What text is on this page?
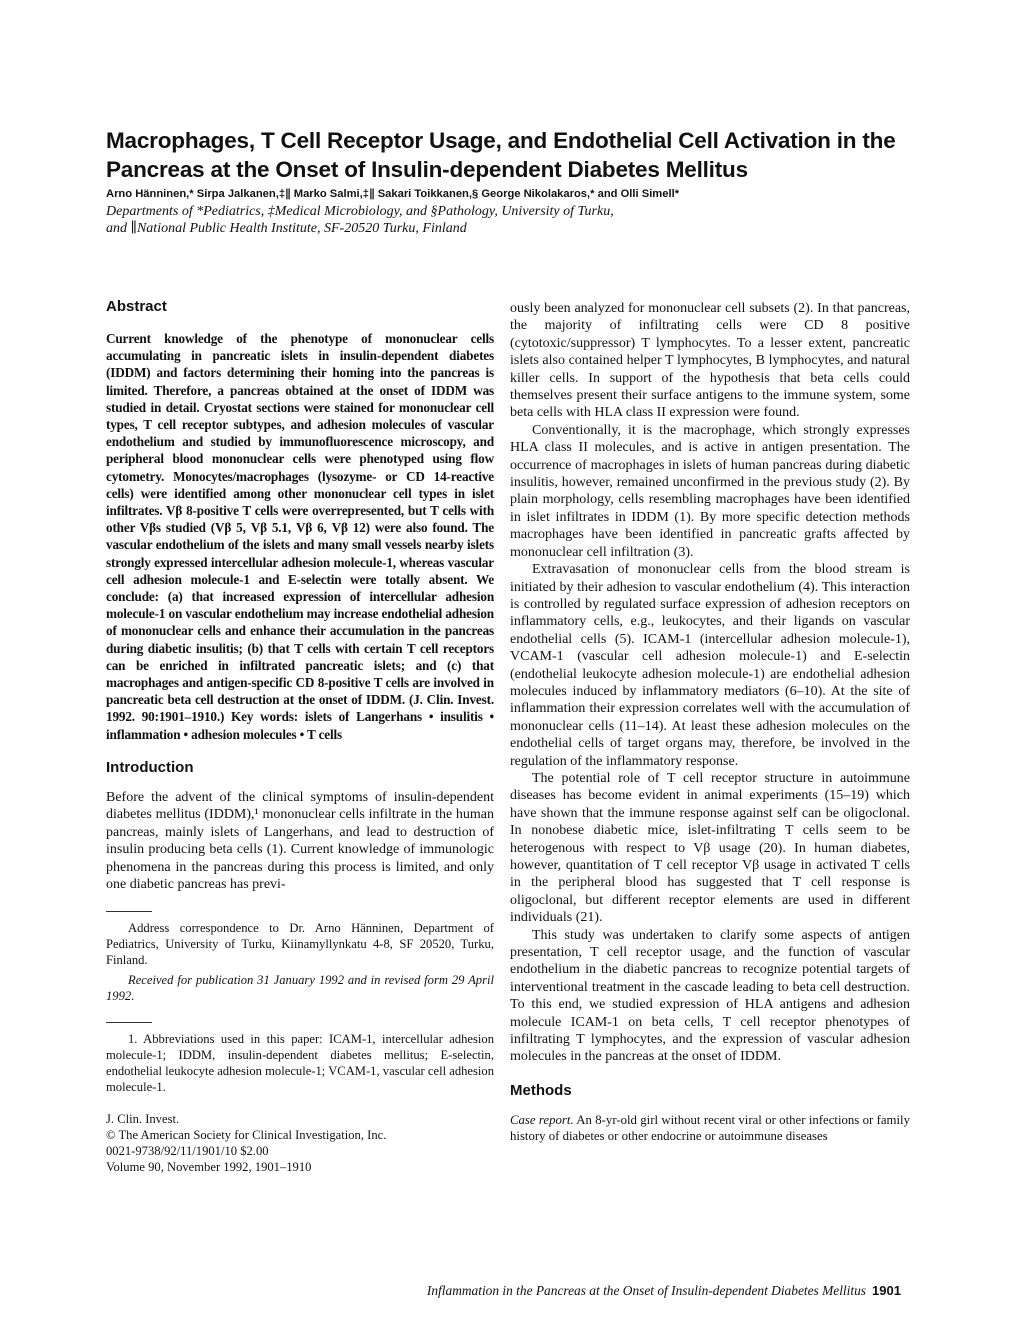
Macrophages, T Cell Receptor Usage, and Endothelial Cell Activation in the Pancreas at the Onset of Insulin-dependent Diabetes Mellitus
Arno Hänninen,* Sirpa Jalkanen,‡∥ Marko Salmi,‡∥ Sakari Toikkanen,§ George Nikolakaros,* and Olli Simell*
Departments of *Pediatrics, ‡Medical Microbiology, and §Pathology, University of Turku,
and ∥National Public Health Institute, SF-20520 Turku, Finland
Abstract

Current knowledge of the phenotype of mononuclear cells accumulating in pancreatic islets in insulin-dependent diabetes (IDDM) and factors determining their homing into the pancreas is limited. Therefore, a pancreas obtained at the onset of IDDM was studied in detail. Cryostat sections were stained for mononuclear cell types, T cell receptor subtypes, and adhesion molecules of vascular endothelium and studied by immunofluorescence microscopy, and peripheral blood mononuclear cells were phenotyped using flow cytometry. Monocytes/macrophages (lysozyme- or CD 14-reactive cells) were identified among other mononuclear cell types in islet infiltrates. Vβ 8-positive T cells were overrepresented, but T cells with other Vβs studied (Vβ 5, Vβ 5.1, Vβ 6, Vβ 12) were also found. The vascular endothelium of the islets and many small vessels nearby islets strongly expressed intercellular adhesion molecule-1, whereas vascular cell adhesion molecule-1 and E-selectin were totally absent. We conclude: (a) that increased expression of intercellular adhesion molecule-1 on vascular endothelium may increase endothelial adhesion of mononuclear cells and enhance their accumulation in the pancreas during diabetic insulitis; (b) that T cells with certain T cell receptors can be enriched in infiltrated pancreatic islets; and (c) that macrophages and antigen-specific CD 8-positive T cells are involved in pancreatic beta cell destruction at the onset of IDDM. (J. Clin. Invest. 1992. 90:1901–1910.) Key words: islets of Langerhans • insulitis • inflammation • adhesion molecules • T cells

Introduction

Before the advent of the clinical symptoms of insulin-dependent diabetes mellitus (IDDM),¹ mononuclear cells infiltrate in the human pancreas, mainly islets of Langerhans, and lead to destruction of insulin producing beta cells (1). Current knowledge of immunologic phenomena in the pancreas during this process is limited, and only one diabetic pancreas has previ-

Address correspondence to Dr. Arno Hänninen, Department of Pediatrics, University of Turku, Kiinamyllynkatu 4-8, SF 20520, Turku, Finland.

Received for publication 31 January 1992 and in revised form 29 April 1992.

1. Abbreviations used in this paper: ICAM-1, intercellular adhesion molecule-1; IDDM, insulin-dependent diabetes mellitus; E-selectin, endothelial leukocyte adhesion molecule-1; VCAM-1, vascular cell adhesion molecule-1.

J. Clin. Invest.
© The American Society for Clinical Investigation, Inc.
0021-9738/92/11/1901/10 $2.00
Volume 90, November 1992, 1901–1910

ously been analyzed for mononuclear cell subsets (2). In that pancreas, the majority of infiltrating cells were CD 8 positive (cytotoxic/suppressor) T lymphocytes. To a lesser extent, pancreatic islets also contained helper T lymphocytes, B lymphocytes, and natural killer cells. In support of the hypothesis that beta cells could themselves present their surface antigens to the immune system, some beta cells with HLA class II expression were found.

Conventionally, it is the macrophage, which strongly expresses HLA class II molecules, and is active in antigen presentation. The occurrence of macrophages in islets of human pancreas during diabetic insulitis, however, remained unconfirmed in the previous study (2). By plain morphology, cells resembling macrophages have been identified in islet infiltrates in IDDM (1). By more specific detection methods macrophages have been identified in pancreatic grafts affected by mononuclear cell infiltration (3).

Extravasation of mononuclear cells from the blood stream is initiated by their adhesion to vascular endothelium (4). This interaction is controlled by regulated surface expression of adhesion receptors on inflammatory cells, e.g., leukocytes, and their ligands on vascular endothelial cells (5). ICAM-1 (intercellular adhesion molecule-1), VCAM-1 (vascular cell adhesion molecule-1) and E-selectin (endothelial leukocyte adhesion molecule-1) are endothelial adhesion molecules induced by inflammatory mediators (6–10). At the site of inflammation their expression correlates well with the accumulation of mononuclear cells (11–14). At least these adhesion molecules on the endothelial cells of target organs may, therefore, be involved in the regulation of the inflammatory response.

The potential role of T cell receptor structure in autoimmune diseases has become evident in animal experiments (15–19) which have shown that the immune response against self can be oligoclonal. In nonobese diabetic mice, islet-infiltrating T cells seem to be heterogenous with respect to Vβ usage (20). In human diabetes, however, quantitation of T cell receptor Vβ usage in activated T cells in the peripheral blood has suggested that T cell response is oligoclonal, but different receptor elements are used in different individuals (21).

This study was undertaken to clarify some aspects of antigen presentation, T cell receptor usage, and the function of vascular endothelium in the diabetic pancreas to recognize potential targets of interventional treatment in the cascade leading to beta cell destruction. To this end, we studied expression of HLA antigens and adhesion molecule ICAM-1 on beta cells, T cell receptor phenotypes of infiltrating T lymphocytes, and the expression of vascular adhesion molecules in the pancreas at the onset of IDDM.

Methods

Case report. An 8-yr-old girl without recent viral or other infections or family history of diabetes or other endocrine or autoimmune diseases

Inflammation in the Pancreas at the Onset of Insulin-dependent Diabetes Mellitus 1901
